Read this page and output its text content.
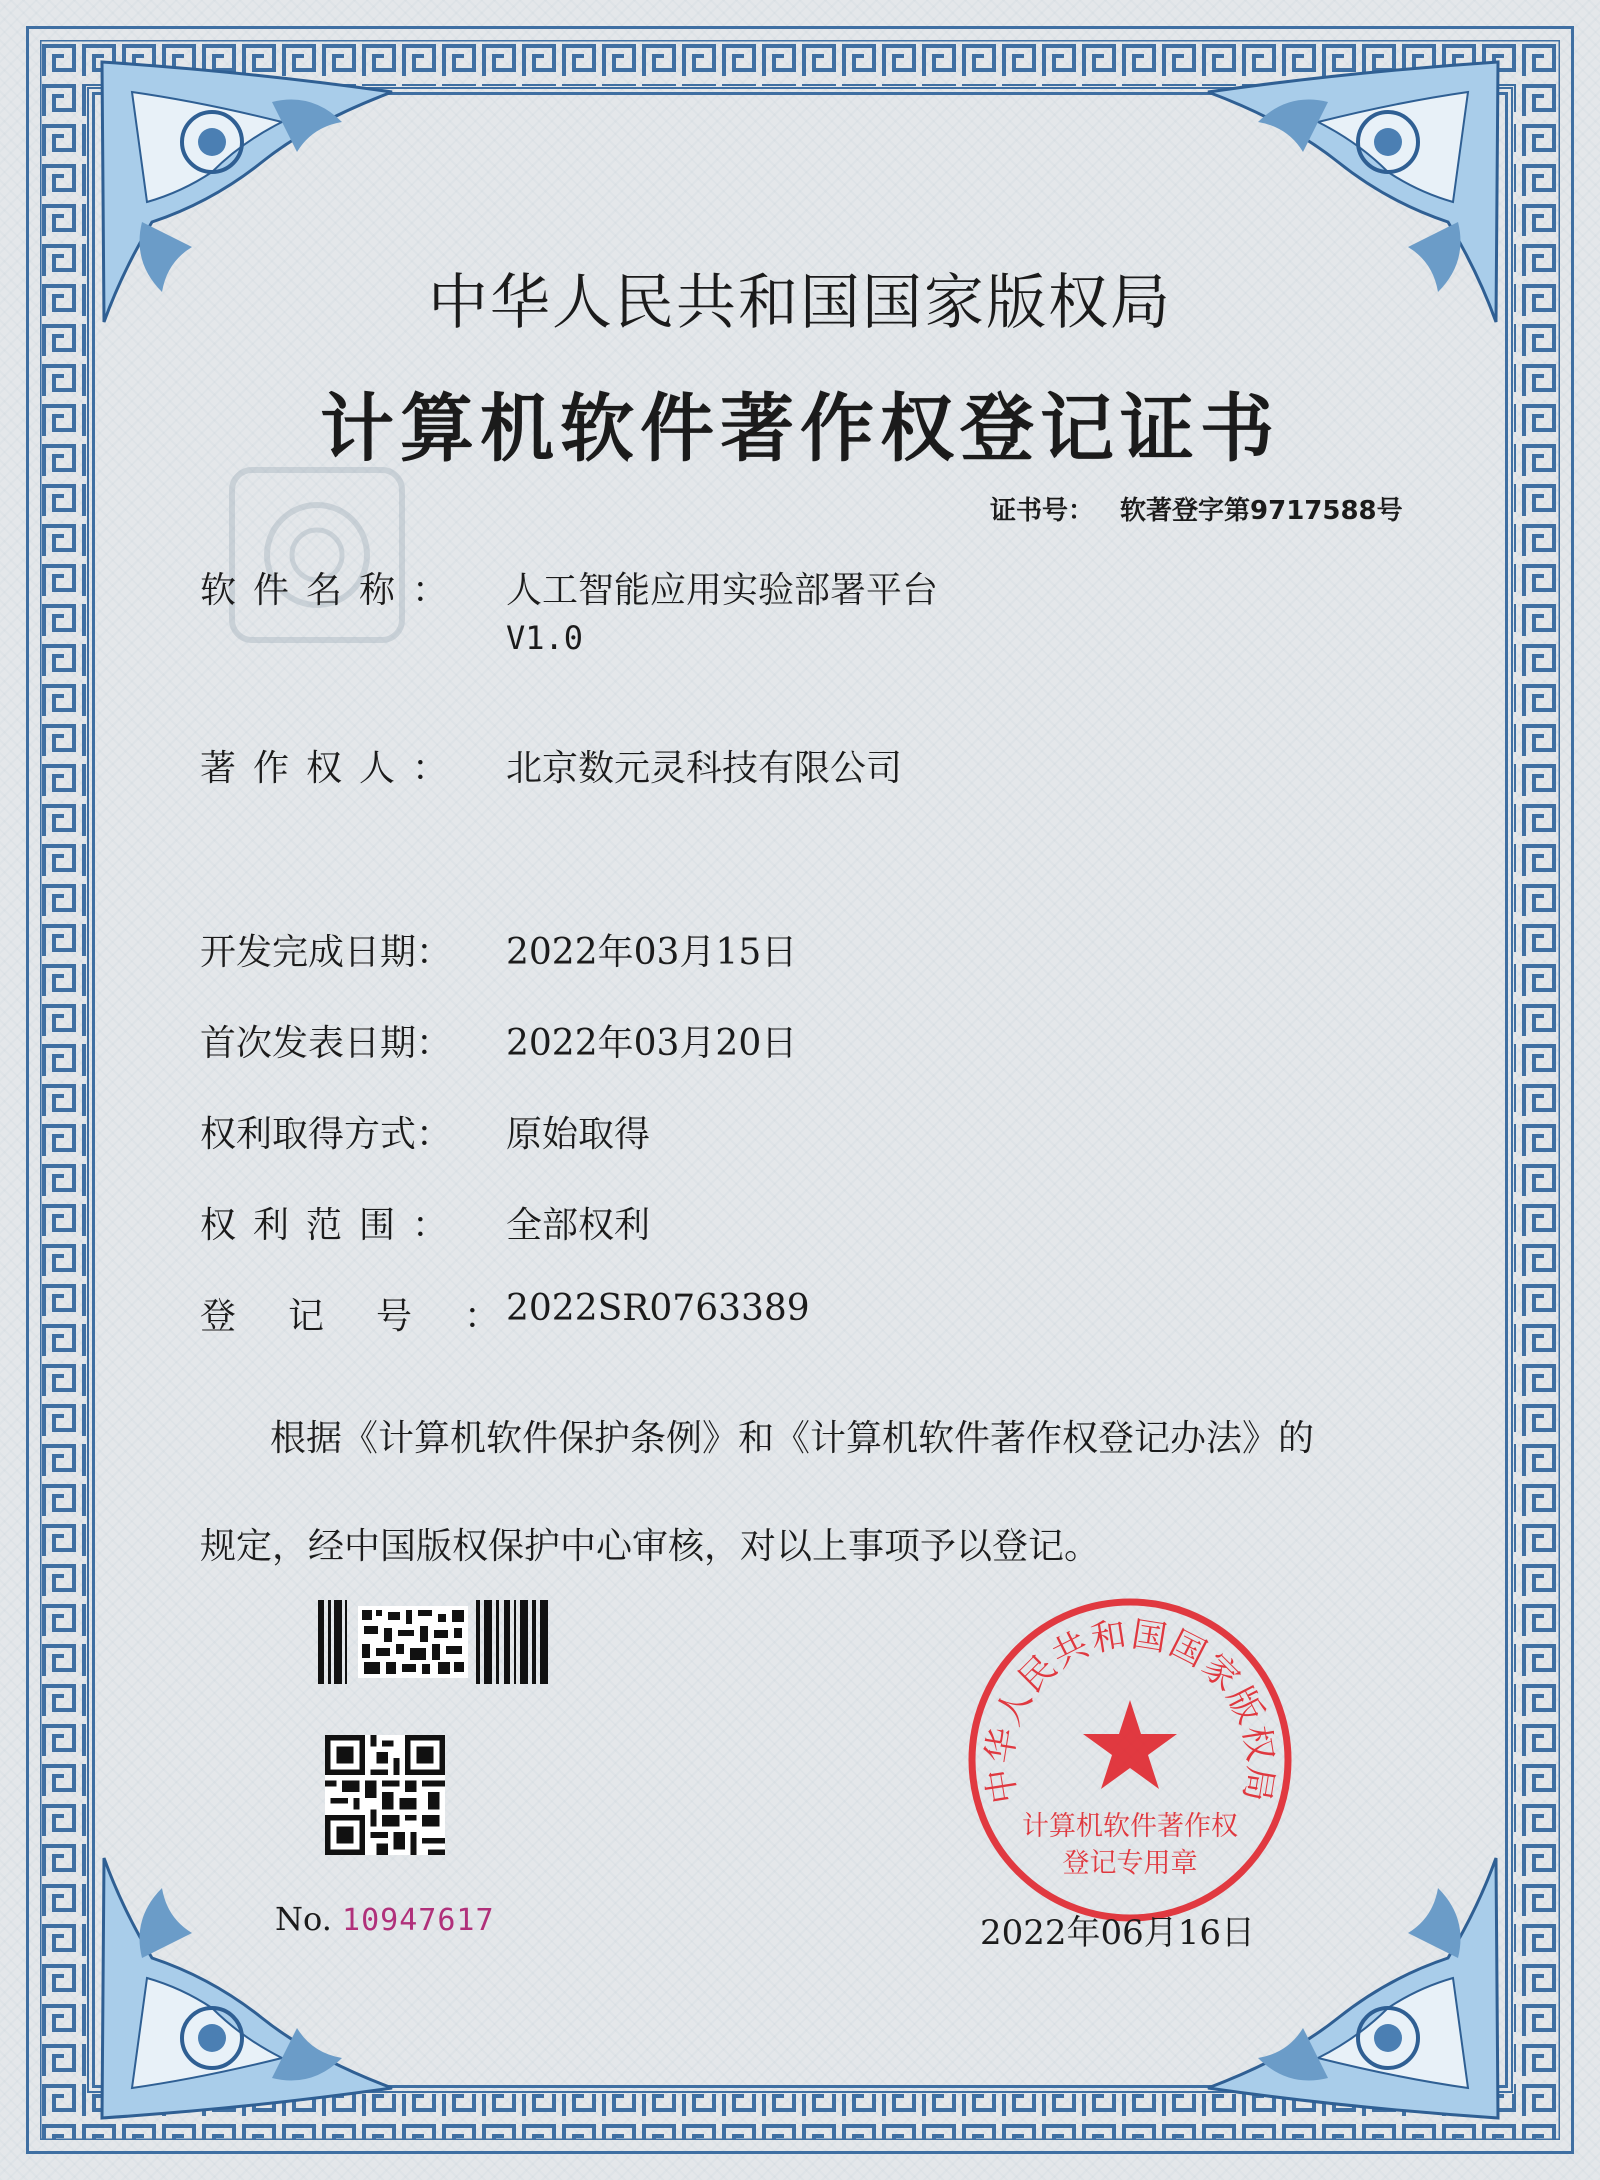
中华人民共和国国家版权局
计算机软件著作权登记证书
证书号： 软著登字第9717588号
软件名称： 人工智能应用实验部署平台
V1.0
著作权人： 北京数元灵科技有限公司
开发完成日期： 2022年03月15日
首次发表日期： 2022年03月20日
权利取得方式： 原始取得
权利范围： 全部权利
登记号：2022SR0763389

根据《计算机软件保护条例》和《计算机软件著作权登记办法》的

规定，经中国版权保护中心审核，对以上事项予以登记。

No. 10947617
中华人民共和国国家版权局
计算机软件著作权
登记专用章
2022年06月16日
